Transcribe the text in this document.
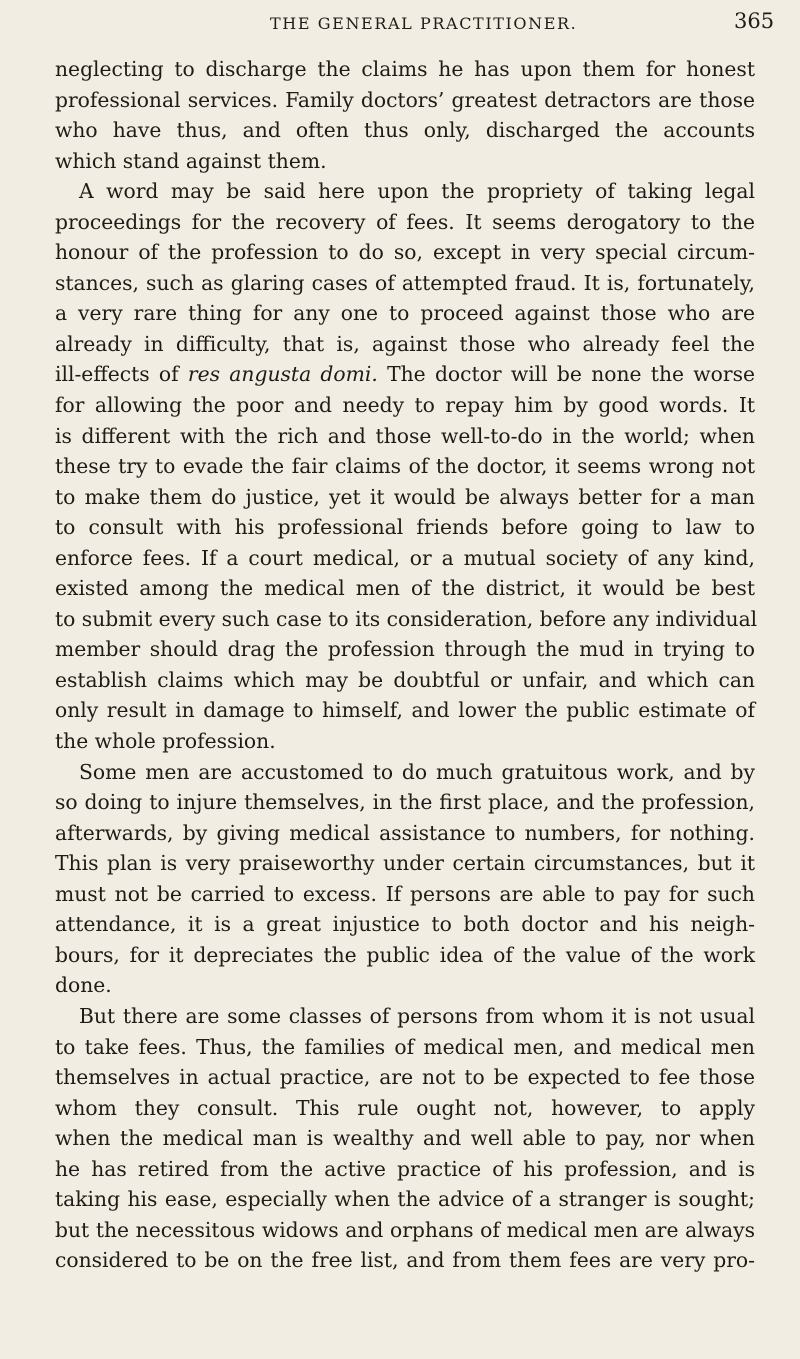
THE GENERAL PRACTITIONER.	365
neglecting to discharge the claims he has upon them for honest
professional services. Family doctors’ greatest detractors are those
who have thus, and often thus only, discharged the accounts
which stand against them.
A word may be said here upon the propriety of taking legal
proceedings for the recovery of fees. It seems derogatory to the
honour of the profession to do so, except in very special circum-
stances, such as glaring cases of attempted fraud. It is, fortunately,
a very rare thing for any one to proceed against those who are
already in difficulty, that is, against those who already feel the
ill-effects of res angusta domi. The doctor will be none the worse
for allowing the poor and needy to repay him by good words. It
is different with the rich and those well-to-do in the world; when
these try to evade the fair claims of the doctor, it seems wrong not
to make them do justice, yet it would be always better for a man
to consult with his professional friends before going to law to
enforce fees. If a court medical, or a mutual society of any kind,
existed among the medical men of the district, it would be best
to submit every such case to its consideration, before any individual
member should drag the profession through the mud in trying to
establish claims which may be doubtful or unfair, and which can
only result in damage to himself, and lower the public estimate of
the whole profession.
Some men are accustomed to do much gratuitous work, and by
so doing to injure themselves, in the first place, and the profession,
afterwards, by giving medical assistance to numbers, for nothing.
This plan is very praiseworthy under certain circumstances, but it
must not be carried to excess. If persons are able to pay for such
attendance, it is a great injustice to both doctor and his neigh-
bours, for it depreciates the public idea of the value of the work
done.
But there are some classes of persons from whom it is not usual
to take fees. Thus, the families of medical men, and medical men
themselves in actual practice, are not to be expected to fee those
whom they consult. This rule ought not, however, to apply
when the medical man is wealthy and well able to pay, nor when
he has retired from the active practice of his profession, and is
taking his ease, especially when the advice of a stranger is sought;
but the necessitous widows and orphans of medical men are always
considered to be on the free list, and from them fees are very pro-
